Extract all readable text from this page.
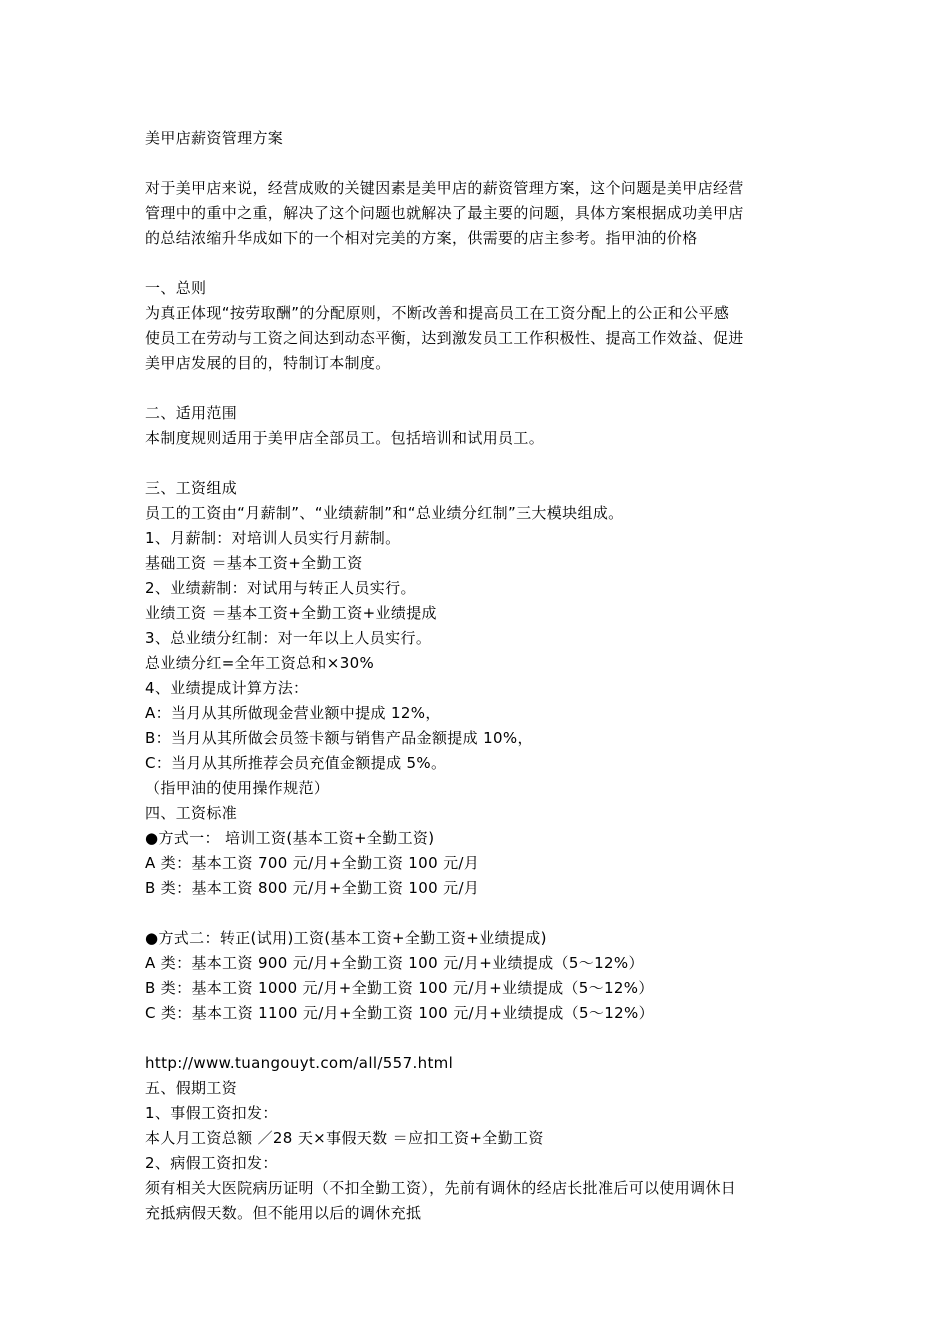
美甲店薪资管理方案
对于美甲店来说，经营成败的关键因素是美甲店的薪资管理方案，这个问题是美甲店经营
管理中的重中之重，解决了这个问题也就解决了最主要的问题，具体方案根据成功美甲店
的总结浓缩升华成如下的一个相对完美的方案，供需要的店主参考。指甲油的价格
一、总则
为真正体现“按劳取酬”的分配原则，不断改善和提高员工在工资分配上的公正和公平感
使员工在劳动与工资之间达到动态平衡，达到激发员工工作积极性、提高工作效益、促进
美甲店发展的目的，特制订本制度。
二、适用范围
本制度规则适用于美甲店全部员工。包括培训和试用员工。
三、工资组成
员工的工资由“月薪制”、“业绩薪制”和“总业绩分红制”三大模块组成。
1、月薪制：对培训人员实行月薪制。
基础工资 ＝基本工资+全勤工资
2、业绩薪制：对试用与转正人员实行。
业绩工资 ＝基本工资+全勤工资+业绩提成
3、总业绩分红制：对一年以上人员实行。
总业绩分红=全年工资总和×30%
4、业绩提成计算方法：
A：当月从其所做现金营业额中提成 12%，
B：当月从其所做会员签卡额与销售产品金额提成 10%，
C：当月从其所推荐会员充值金额提成 5%。
（指甲油的使用操作规范）
四、工资标准
●方式一： 培训工资(基本工资+全勤工资)
A 类：基本工资 700 元/月+全勤工资 100 元/月
B 类：基本工资 800 元/月+全勤工资 100 元/月
●方式二：转正(试用)工资(基本工资+全勤工资+业绩提成)
A 类：基本工资 900 元/月+全勤工资 100 元/月+业绩提成（5～12%）
B 类：基本工资 1000 元/月+全勤工资 100 元/月+业绩提成（5～12%）
C 类：基本工资 1100 元/月+全勤工资 100 元/月+业绩提成（5～12%）
http://www.tuangouyt.com/all/557.html
五、假期工资
1、事假工资扣发：
本人月工资总额 ／28 天×事假天数 ＝应扣工资+全勤工资
2、病假工资扣发：
须有相关大医院病历证明（不扣全勤工资），先前有调休的经店长批准后可以使用调休日
充抵病假天数。但不能用以后的调休充抵
